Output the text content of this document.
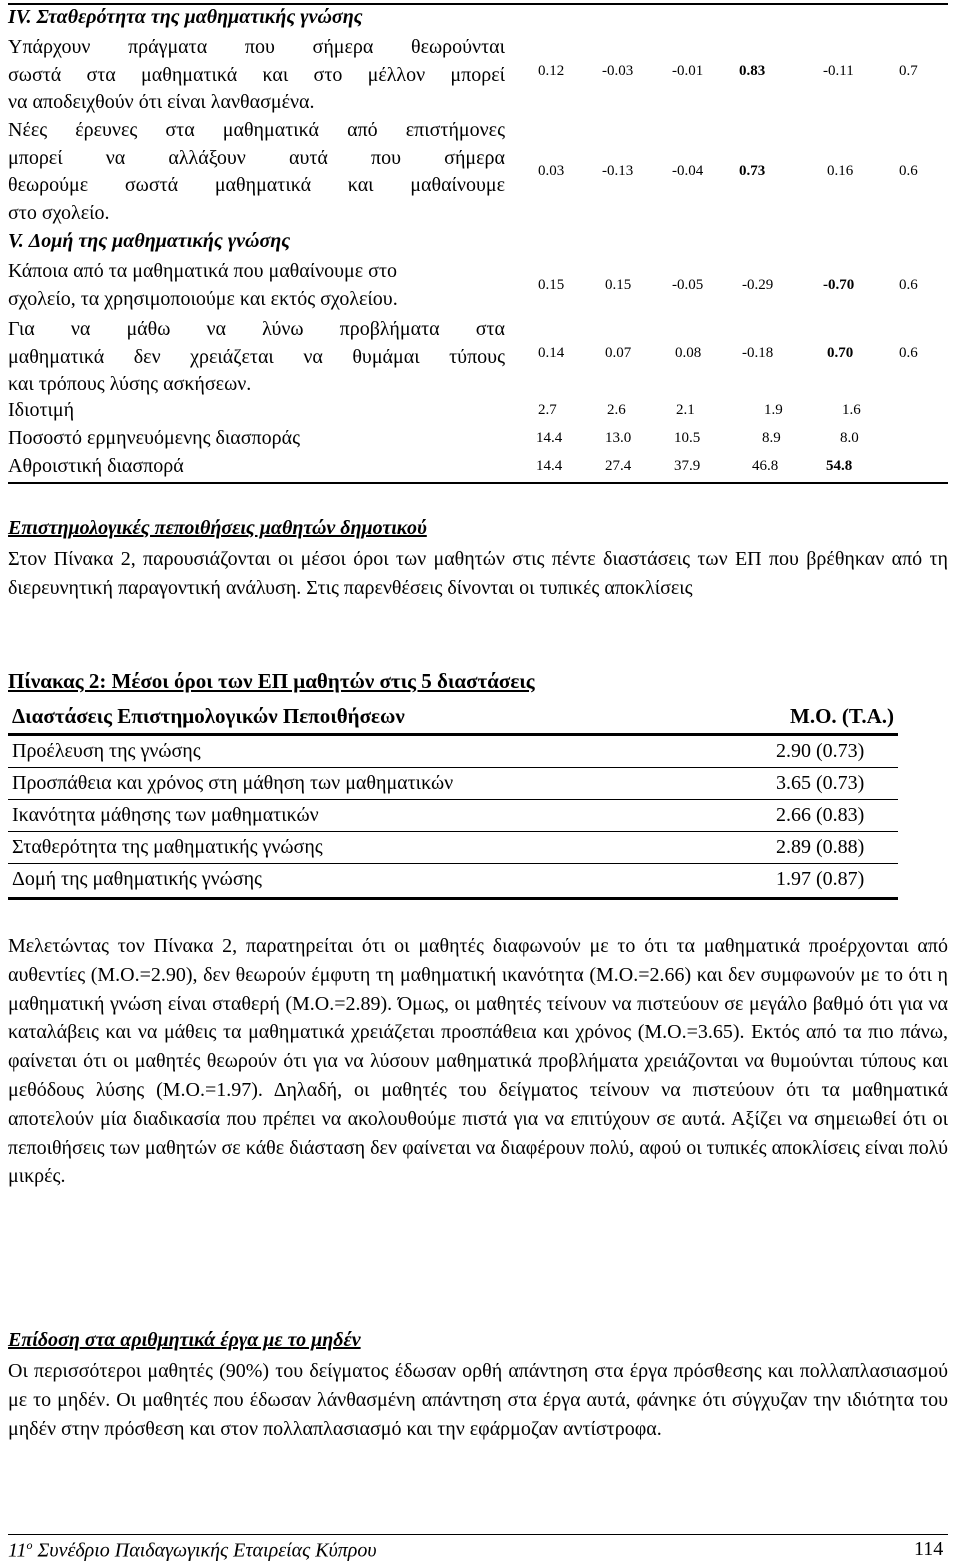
IV. Σταθερότητα της μαθηματικής γνώσης
Υπάρχουν πράγματα που σήμερα θεωρούνται
σωστά στα μαθηματικά και στο μέλλον μπορεί
να αποδειχθούν ότι είναι λανθασμένα.
0.12	-0.03	-0.01 0.83	-0.11	0.7
Νέες έρευνες στα μαθηματικά από επιστήμονες
μπορεί να αλλάξουν αυτά που σήμερα
θεωρούμε σωστά μαθηματικά και μαθαίνουμε
στο σχολείο.
0.03	-0.13	-0.04 0.73	0.16	0.6
V. Δομή της μαθηματικής γνώσης
Κάποια από τα μαθηματικά που μαθαίνουμε στο
σχολείο, τα χρησιμοποιούμε και εκτός σχολείου.
0.15	0.15	-0.05	-0.29	-0.70	0.6
Για να μάθω να λύνω προβλήματα στα
μαθηματικά δεν χρειάζεται να θυμάμαι τύπους
και τρόπους λύσης ασκήσεων.
0.14	0.07	0.08	-0.18	0.70	0.6
Ιδιοτιμή	2.7	2.6	2.1	1.9	1.6
Ποσοστό ερμηνευόμενης διασποράς	14.4	13.0	10.5	8.9	8.0
Αθροιστική διασπορά	14.4	27.4	37.9	46.8	54.8
Επιστημολογικές πεποιθήσεις μαθητών δημοτικού
Στον Πίνακα 2, παρουσιάζονται οι μέσοι όροι των μαθητών στις πέντε διαστάσεις των ΕΠ που βρέθηκαν από τη διερευνητική παραγοντική ανάλυση. Στις παρενθέσεις δίνονται οι τυπικές αποκλίσεις
Πίνακας 2: Μέσοι όροι των ΕΠ μαθητών στις 5 διαστάσεις
Διαστάσεις Επιστημολογικών Πεποιθήσεων	Μ.Ο. (Τ.Α.)
Προέλευση της γνώσης	2.90 (0.73)
Προσπάθεια και χρόνος στη μάθηση των μαθηματικών	3.65 (0.73)
Ικανότητα μάθησης των μαθηματικών	2.66 (0.83)
Σταθερότητα της μαθηματικής γνώσης	2.89 (0.88)
Δομή της μαθηματικής γνώσης	1.97 (0.87)
Μελετώντας τον Πίνακα 2, παρατηρείται ότι οι μαθητές διαφωνούν με το ότι τα μαθηματικά προέρχονται από αυθεντίες (Μ.Ο.=2.90), δεν θεωρούν έμφυτη τη μαθηματική ικανότητα (Μ.Ο.=2.66) και δεν συμφωνούν με το ότι η μαθηματική γνώση είναι σταθερή (Μ.Ο.=2.89). Όμως, οι μαθητές τείνουν να πιστεύουν σε μεγάλο βαθμό ότι για να καταλάβεις και να μάθεις τα μαθηματικά χρειάζεται προσπάθεια και χρόνος (Μ.Ο.=3.65). Εκτός από τα πιο πάνω, φαίνεται ότι οι μαθητές θεωρούν ότι για να λύσουν μαθηματικά προβλήματα χρειάζονται να θυμούνται τύπους και μεθόδους λύσης (Μ.Ο.=1.97). Δηλαδή, οι μαθητές του δείγματος τείνουν να πιστεύουν ότι τα μαθηματικά αποτελούν μία διαδικασία που πρέπει να ακολουθούμε πιστά για να επιτύχουν σε αυτά. Αξίζει να σημειωθεί ότι οι πεποιθήσεις των μαθητών σε κάθε διάσταση δεν φαίνεται να διαφέρουν πολύ, αφού οι τυπικές αποκλίσεις είναι πολύ μικρές.
Επίδοση στα αριθμητικά έργα με το μηδέν
Οι περισσότεροι μαθητές (90%) του δείγματος έδωσαν ορθή απάντηση στα έργα πρόσθεσης και πολλαπλασιασμού με το μηδέν. Οι μαθητές που έδωσαν λάνθασμένη απάντηση στα έργα αυτά, φάνηκε ότι σύγχυζαν την ιδιότητα του μηδέν στην πρόσθεση και στον πολλαπλασιασμό και την εφάρμοζαν αντίστροφα.
$11^o$ Συνέδριο Παιδαγωγικής Εταιρείας Κύπρου	114
